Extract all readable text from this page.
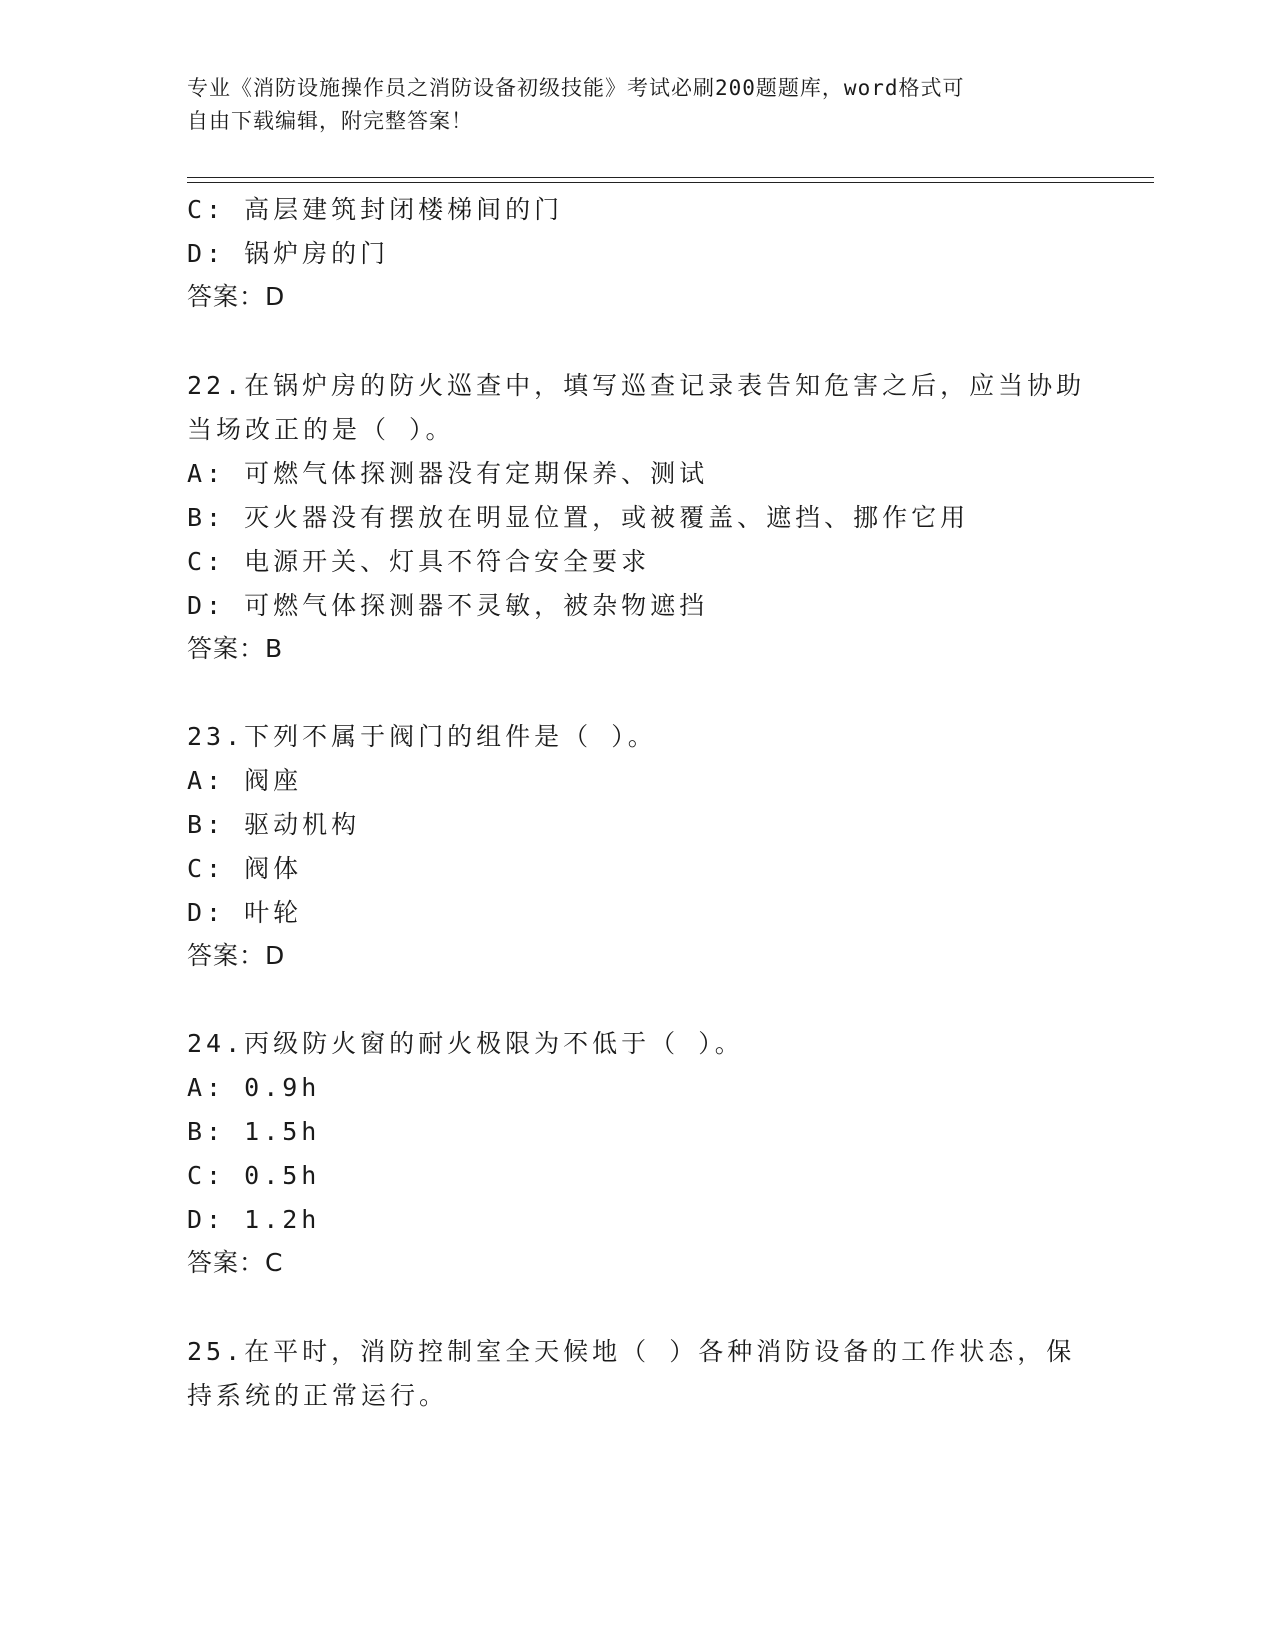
专业《消防设施操作员之消防设备初级技能》考试必刷200题题库，word格式可
自由下载编辑，附完整答案！
C: 高层建筑封闭楼梯间的门
D: 锅炉房的门
答案：D
22.在锅炉房的防火巡查中，填写巡查记录表告知危害之后，应当协助
当场改正的是（ ）。
A: 可燃气体探测器没有定期保养、测试
B: 灭火器没有摆放在明显位置，或被覆盖、遮挡、挪作它用
C: 电源开关、灯具不符合安全要求
D: 可燃气体探测器不灵敏，被杂物遮挡
答案：B
23.下列不属于阀门的组件是（ ）。
A: 阀座
B: 驱动机构
C: 阀体
D: 叶轮
答案：D
24.丙级防火窗的耐火极限为不低于（ ）。
A: 0.9h
B: 1.5h
C: 0.5h
D: 1.2h
答案：C
25.在平时，消防控制室全天候地（ ）各种消防设备的工作状态，保
持系统的正常运行。
